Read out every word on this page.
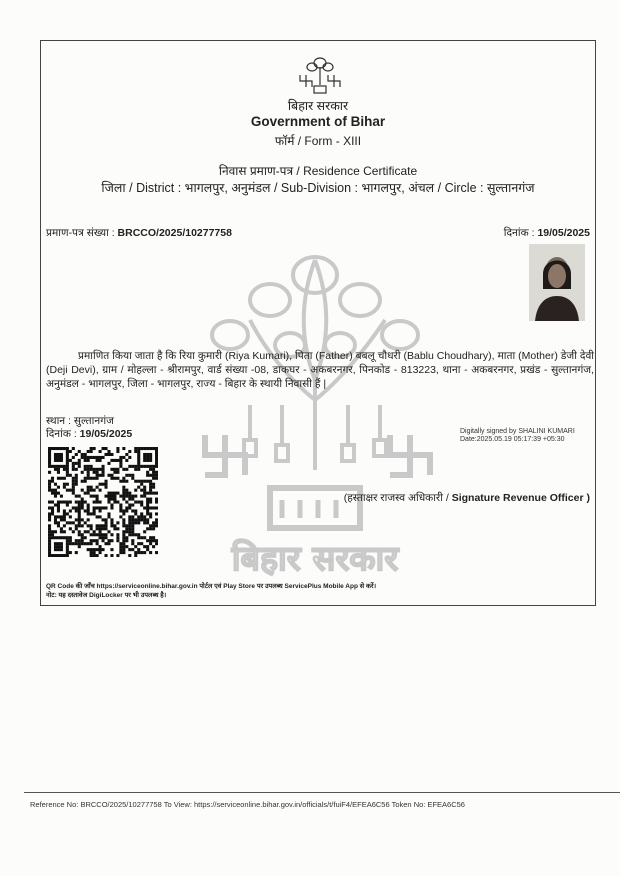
बिहार सरकार
बिहार सरकार
Government of Bihar
फॉर्म / Form - XIII
निवास प्रमाण-पत्र / Residence Certificate
जिला / District : भागलपुर, अनुमंडल / Sub-Division : भागलपुर, अंचल / Circle : सुल्तानगंज
प्रमाण-पत्र संख्या : BRCCO/2025/10277758	दिनांक : 19/05/2025
प्रमाणित किया जाता है कि रिया कुमारी (Riya Kumari), पिता (Father) बबलू चौधरी (Bablu Choudhary), माता (Mother) डेजी देवी (Deji Devi), ग्राम / मोहल्ला - श्रीरामपुर, वार्ड संख्या -08, डाकघर - अकबरनगर, पिनकोड - 813223, थाना - अकबरनगर, प्रखंड - सुल्तानगंज, अनुमंडल - भागलपुर, जिला - भागलपुर, राज्य - बिहार के स्थायी निवासी हैं |
स्थान : सुल्तानगंज
दिनांक : 19/05/2025	Digitally signed by SHALINI KUMARI
Date:2025.05.19 05:17:39 +05:30
(हस्ताक्षर राजस्व अधिकारी / Signature Revenue Officer )
QR Code की जाँच https://serviceonline.bihar.gov.in पोर्टल एवं Play Store पर उपलब्ध ServicePlus Mobile App से करें।
नोट: यह दस्तावेज DigiLocker पर भी उपलब्ध है।
Reference No: BRCCO/2025/10277758 To View: https://serviceonline.bihar.gov.in/officials/t/fuiF4/EFEA6C56 Token No: EFEA6C56
